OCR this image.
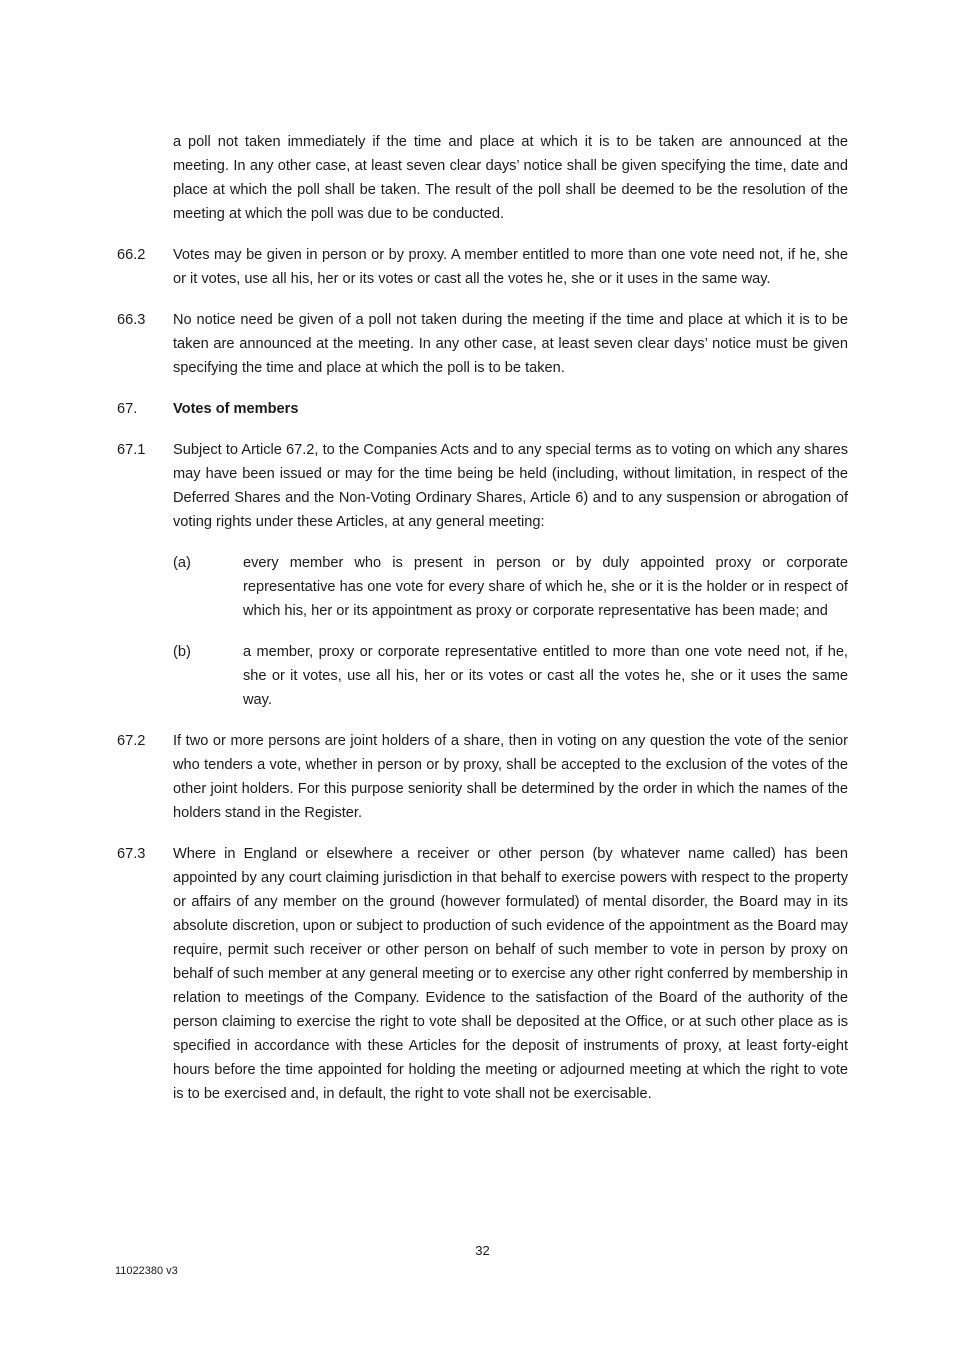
a poll not taken immediately if the time and place at which it is to be taken are announced at the meeting. In any other case, at least seven clear days’ notice shall be given specifying the time, date and place at which the poll shall be taken. The result of the poll shall be deemed to be the resolution of the meeting at which the poll was due to be conducted.
66.2	Votes may be given in person or by proxy. A member entitled to more than one vote need not, if he, she or it votes, use all his, her or its votes or cast all the votes he, she or it uses in the same way.
66.3	No notice need be given of a poll not taken during the meeting if the time and place at which it is to be taken are announced at the meeting. In any other case, at least seven clear days’ notice must be given specifying the time and place at which the poll is to be taken.
67.	Votes of members
67.1	Subject to Article 67.2, to the Companies Acts and to any special terms as to voting on which any shares may have been issued or may for the time being be held (including, without limitation, in respect of the Deferred Shares and the Non-Voting Ordinary Shares, Article 6) and to any suspension or abrogation of voting rights under these Articles, at any general meeting:
(a)	every member who is present in person or by duly appointed proxy or corporate representative has one vote for every share of which he, she or it is the holder or in respect of which his, her or its appointment as proxy or corporate representative has been made; and
(b)	a member, proxy or corporate representative entitled to more than one vote need not, if he, she or it votes, use all his, her or its votes or cast all the votes he, she or it uses the same way.
67.2	If two or more persons are joint holders of a share, then in voting on any question the vote of the senior who tenders a vote, whether in person or by proxy, shall be accepted to the exclusion of the votes of the other joint holders. For this purpose seniority shall be determined by the order in which the names of the holders stand in the Register.
67.3	Where in England or elsewhere a receiver or other person (by whatever name called) has been appointed by any court claiming jurisdiction in that behalf to exercise powers with respect to the property or affairs of any member on the ground (however formulated) of mental disorder, the Board may in its absolute discretion, upon or subject to production of such evidence of the appointment as the Board may require, permit such receiver or other person on behalf of such member to vote in person by proxy on behalf of such member at any general meeting or to exercise any other right conferred by membership in relation to meetings of the Company. Evidence to the satisfaction of the Board of the authority of the person claiming to exercise the right to vote shall be deposited at the Office, or at such other place as is specified in accordance with these Articles for the deposit of instruments of proxy, at least forty-eight hours before the time appointed for holding the meeting or adjourned meeting at which the right to vote is to be exercised and, in default, the right to vote shall not be exercisable.
32
11022380 v3
